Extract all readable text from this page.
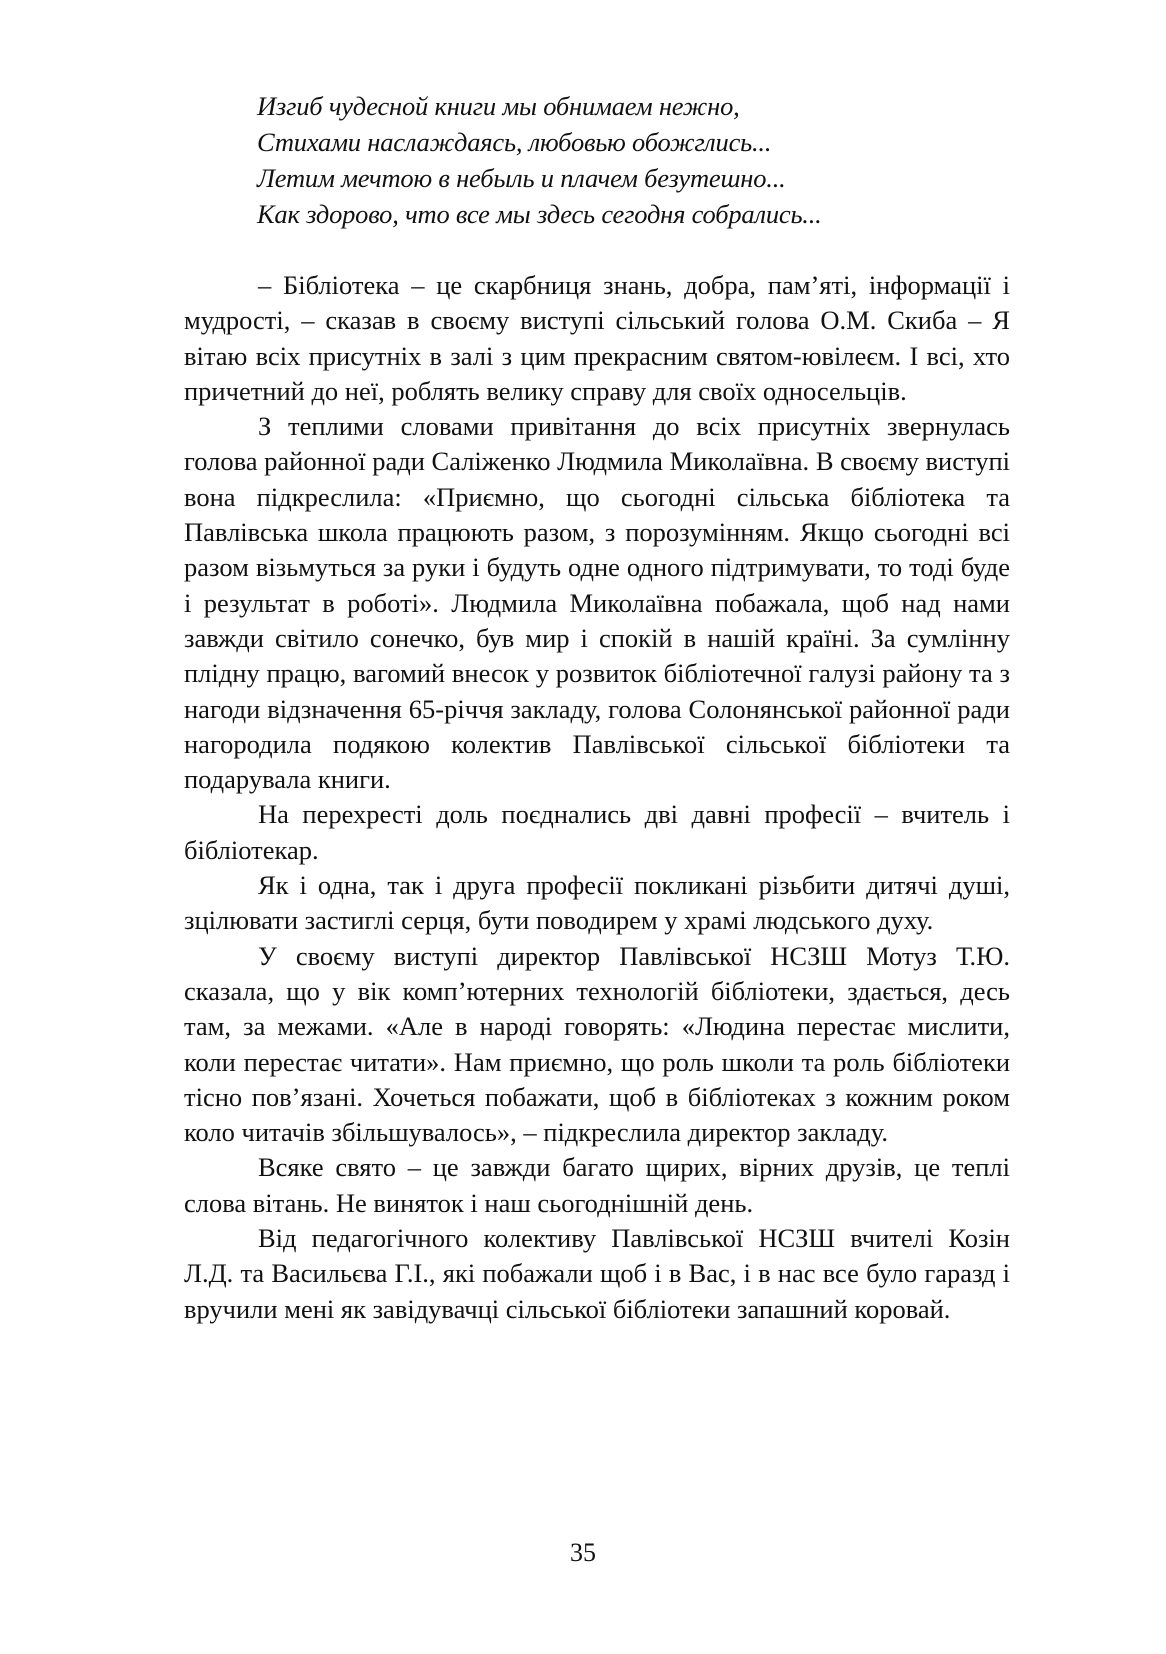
Изгиб чудесной книги мы обнимаем нежно,
Стихами наслаждаясь, любовью обожглись...
Летим мечтою в небыль и плачем безутешно...
Как здорово, что все мы здесь сегодня собрались...

– Бібліотека – це скарбниця знань, добра, пам’яті, інформації і мудрості, – сказав в своєму виступі сільський голова О.М. Скиба – Я вітаю всіх присутніх в залі з цим прекрасним святом-ювілеєм. І всі, хто причетний до неї, роблять велику справу для своїх односельців.

З теплими словами привітання до всіх присутніх звернулась голова районної ради Саліженко Людмила Миколаївна. В своєму виступі вона підкреслила: «Приємно, що сьогодні сільська бібліотека та Павлівська школа працюють разом, з порозумінням. Якщо сьогодні всі разом візьмуться за руки і будуть одне одного підтримувати, то тоді буде і результат в роботі». Людмила Миколаївна побажала, щоб над нами завжди світило сонечко, був мир і спокій в нашій країні. За сумлінну плідну працю, вагомий внесок у розвиток бібліотечної галузі району та з нагоди відзначення 65-річчя закладу, голова Солонянської районної ради нагородила подякою колектив Павлівської сільської бібліотеки та подарувала книги.

На перехресті доль поєднались дві давні професії – вчитель і бібліотекар.

Як і одна, так і друга професії покликані різьбити дитячі душі, зцілювати застиглі серця, бути поводирем у храмі людського духу.

У своєму виступі директор Павлівської НСЗШ Мотуз Т.Ю. сказала, що у вік комп’ютерних технологій бібліотеки, здається, десь там, за межами. «Але в народі говорять: «Людина перестає мислити, коли перестає читати». Нам приємно, що роль школи та роль бібліотеки тісно пов’язані. Хочеться побажати, щоб в бібліотеках з кожним роком коло читачів збільшувалось», – підкреслила директор закладу.

Всяке свято – це завжди багато щирих, вірних друзів, це теплі слова вітань. Не виняток і наш сьогоднішній день.

Від педагогічного колективу Павлівської НСЗШ вчителі Козін Л.Д. та Васильєва Г.І., які побажали щоб і в Вас, і в нас все було гаразд і вручили мені як завідувачці сільської бібліотеки запашний коровай.

35
